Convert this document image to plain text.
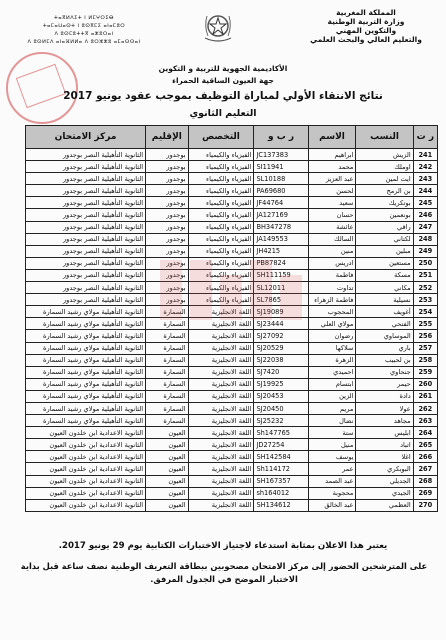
المملكة المغربية
وزارة التربية الوطنية
والتكوين المهني
والتعليم العالي والبحث العلمي
ⵜⴰⴳⵍⴷⵉⵜ ⵏ ⵍⵎⵖⵔⵉⴱ
ⵜⴰⵎⴰⵡⴰⵙⵜ ⵏ ⵓⵙⴳⵎⵉ ⴰⵏⴰⵎⵓⵔ
ⴷ ⵓⵙⵎⵓⵜⵜⴳ ⴰⵣⵓⵔⴰⵏ
ⴷ ⵓⵙⵍⵎⴷ ⴰⵏⴰⴼⵍⵍⴰ ⴷ ⵓⵔⵣⵣⵓ ⴰⵎⴰⵙⵙⴰⵏ
الأكاديمية الجهوية للتربية و التكوين
جهة العيون الساقية الحمراء
نتائج الانتقاء الأولي لمباراة التوظيف بموجب عقود يونيو 2017
التعليم الثانوي
ر ت	النسب	الاسم	ر ب و	التخصص	الإقليم	مركز الامتحان
241	الزيش	ابراهيم	JC137383	الفيزياء والكيمياء	بوجدور	الثانوية التأهيلية النصر بوجدور
242	اوملك	محمد	SI11941	الفيزياء والكيمياء	بوجدور	الثانوية التأهيلية النصر بوجدور
243	ايت لمين	عبد العزيز	SL10188	الفيزياء والكيمياء	بوجدور	الثانوية التأهيلية النصر بوجدور
244	بن الرمح	لحسن	PA69680	الفيزياء والكيمياء	بوجدور	الثانوية التأهيلية النصر بوجدور
245	بوتكريك	سعيد	JF44764	الفيزياء والكيمياء	بوجدور	الثانوية التأهيلية النصر بوجدور
246	بونعمين	حسان	JA127169	الفيزياء والكيمياء	بوجدور	الثانوية التأهيلية النصر بوجدور
247	راقي	عائشة	BH347278	الفيزياء والكيمياء	بوجدور	الثانوية التأهيلية النصر بوجدور
248	لكتاني	السالك	JA149553	الفيزياء والكيمياء	بوجدور	الثانوية التأهيلية النصر بوجدور
249	مبلين	منين	JH4215	الفيزياء والكيمياء	بوجدور	الثانوية التأهيلية النصر بوجدور
250	مستعين	ادريس	PB87824	الفيزياء والكيمياء	بوجدور	الثانوية التأهيلية النصر بوجدور
251	مسكة	فاطمة	SH111159	الفيزياء والكيمياء	بوجدور	الثانوية التأهيلية النصر بوجدور
252	مكاني	تداوت	SL12011	الفيزياء والكيمياء	بوجدور	الثانوية التأهيلية النصر بوجدور
253	نسيلية	فاطمة الزهراء	SL7865	الفيزياء والكيمياء	بوجدور	الثانوية التأهيلية النصر بوجدور
254	أغويف	المحجوب	SJ19089	اللغة الانجليزية	السمارة	الثانوية التأهيلية مولاي رشيد السمارة
255	الفتحي	مولاي العلي	SJ23444	اللغة الانجليزية	السمارة	الثانوية التأهيلية مولاي رشيد السمارة
256	الموساوي	رضوان	SJ27092	اللغة الانجليزية	السمارة	الثانوية التأهيلية مولاي رشيد السمارة
257	باري	سلاكها	SJ20529	اللغة الانجليزية	السمارة	الثانوية التأهيلية مولاي رشيد السمارة
258	بن لحبيب	الزهرة	SJ22038	اللغة الانجليزية	السمارة	الثانوية التأهيلية مولاي رشيد السمارة
259	جنحاوي	احميدي	SJ7420	اللغة الانجليزية	السمارة	الثانوية التأهيلية مولاي رشيد السمارة
260	حيمر	ابتسام	SJ19925	اللغة الانجليزية	السمارة	الثانوية التأهيلية مولاي رشيد السمارة
261	دادة	الزين	SJ20453	اللغة الانجليزية	السمارة	الثانوية التأهيلية مولاي رشيد السمارة
262	عولا	مريم	SJ20450	اللغة الانجليزية	السمارة	الثانوية التأهيلية مولاي رشيد السمارة
263	مجاهد	نضال	SJ25232	اللغة الانجليزية	السمارة	الثانوية التأهيلية مولاي رشيد السمارة
264	ابليس	ستة	Sh147765	اللغة الانجليزية	العيون	الثانوية الاعدادية ابن خلدون العيون
265	اتباد	منيل	JD27254	اللغة الانجليزية	العيون	الثانوية الاعدادية ابن خلدون العيون
266	اغلا	يوسف	SH142584	اللغة الانجليزية	العيون	الثانوية الاعدادية ابن خلدون العيون
267	البوبكري	عمر	Sh114172	اللغة الانجليزية	العيون	الثانوية الاعدادية ابن خلدون العيون
268	الجديلي	عبد الصمد	SH167357	اللغة الانجليزية	العيون	الثانوية الاعدادية ابن خلدون العيون
269	الجيدي	محجوبة	sh164012	اللغة الانجليزية	العيون	الثانوية الاعدادية ابن خلدون العيون
270	العظمي	عبد الخالق	SH134612	اللغة الانجليزية	العيون	الثانوية الاعدادية ابن خلدون العيون
يعتبر هذا الاعلان بمثابة استدعاء لاجتياز الاختبارات الكتابية يوم 29 يونيو 2017.
على المترشحين الحضور إلى مركز الامتحان مصحوبين ببطاقة التعريف الوطنية نصف ساعة قبل بداية الاختبار الموضح في الجدول المرفق.
